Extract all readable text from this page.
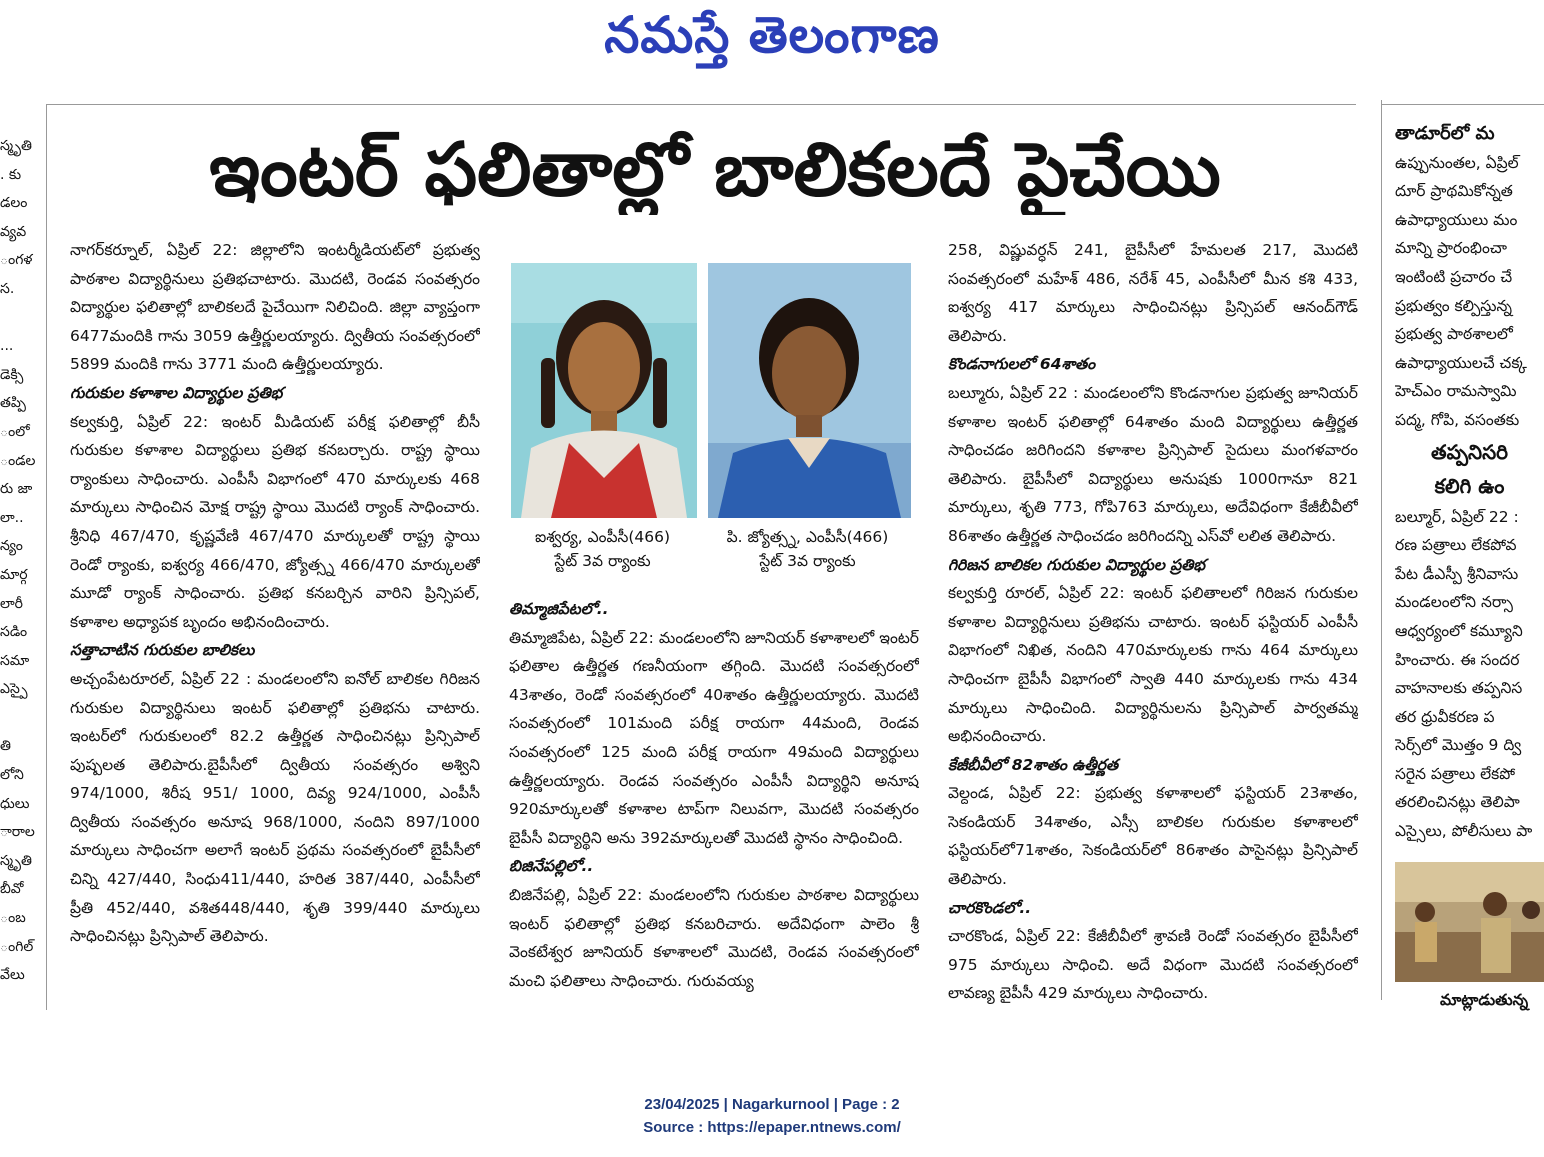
నమస్తే తెలంగాణ
ఇంటర్ ఫలితాల్లో బాలికలదే పైచేయి

స్మృతి

. కు

డలం

వ్యవ

ంగళ

స.

...

డెక్సి

తప్పి

ంలో

ండల

రు జా

లా..

న్యం

మార్గ

లారీ

సడిం

సమా

ఎస్పై

తి

లోని

ధులు

ారాల

స్మృతి

బీవో

ంబ

ంగిల్

వేలు

నాగర్‌కర్నూల్, ఏప్రిల్ 22: జిల్లాలోని ఇంటర్మీడియట్‌లో ప్రభుత్వ పాఠశాల విద్యార్థినులు ప్రతిభచాటారు. మొదటి, రెండవ సంవత్సరం విద్యార్థుల ఫలితాల్లో బాలికలదే పైచేయిగా నిలిచింది. జిల్లా వ్యాప్తంగా 6477మందికి గాను 3059 ఉత్తీర్ణులయ్యారు. ద్వితీయ సంవత్సరంలో 5899 మందికి గాను 3771 మంది ఉత్తీర్ణులయ్యారు.

గురుకుల కళాశాల విద్యార్థుల ప్రతిభ

కల్వకుర్తి, ఏప్రిల్ 22: ఇంటర్ మీడియట్ పరీక్ష ఫలితాల్లో బీసీ గురుకుల కళాశాల విద్యార్థులు ప్రతిభ కనబర్చారు. రాష్ట్ర స్థాయి ర్యాంకులు సాధించారు. ఎంపీసీ విభాగంలో 470 మార్కులకు 468 మార్కులు సాధించిన మోక్ష రాష్ట్ర స్థాయి మొదటి ర్యాంక్ సాధించారు. శ్రీనిధి 467/470, కృష్ణవేణి 467/470 మార్కులతో రాష్ట్ర స్థాయి రెండో ర్యాంకు, ఐశ్వర్య 466/470, జ్యోత్స్న 466/470 మార్కులతో మూడో ర్యాంక్ సాధించారు. ప్రతిభ కనబర్చిన వారిని ప్రిన్సిపల్, కళాశాల అధ్యాపక బృందం అభినందించారు.

సత్తాచాటిన గురుకుల బాలికలు

అచ్చంపేటరూరల్, ఏప్రిల్ 22 : మండలంలోని ఐనోల్ బాలికల గిరిజన గురుకుల విద్యార్థినులు ఇంటర్ ఫలితాల్లో ప్రతిభను చాటారు. ఇంటర్‌లో గురుకులంలో 82.2 ఉత్తీర్ణత సాధించినట్లు ప్రిన్సిపాల్ పుష్పలత తెలిపారు.బైపీసీలో ద్వితీయ సంవత్సరం అశ్విని 974/1000, శిరీష 951/ 1000, దివ్య 924/1000, ఎంపీసీ ద్వితీయ సంవత్సరం అనూష 968/1000, నందిని 897/1000 మార్కులు సాధించగా అలాగే ఇంటర్ ప్రథమ సంవత్సరంలో బైపీసీలో చిన్ని 427/440, సింధు411/440, హరిత 387/440, ఎంపీసీలో ప్రీతి 452/440, వశిత448/440, శృతి 399/440 మార్కులు సాధించినట్లు ప్రిన్సిపాల్ తెలిపారు.

ఐశ్వర్య, ఎంపీసీ(466)
స్టేట్ 3వ ర్యాంకు
పి. జ్యోత్స్న, ఎంపీసీ(466)
స్టేట్ 3వ ర్యాంకు

తిమ్మాజిపేటలో..

తిమ్మాజిపేట, ఏప్రిల్ 22: మండలంలోని జూనియర్ కళాశాలలో ఇంటర్ ఫలితాల ఉత్తీర్ణత గణనీయంగా తగ్గింది. మొదటి సంవత్సరంలో 43శాతం, రెండో సంవత్సరంలో 40శాతం ఉత్తీర్ణులయ్యారు. మొదటి సంవత్సరంలో 101మంది పరీక్ష రాయగా 44మంది, రెండవ సంవత్సరంలో 125 మంది పరీక్ష రాయగా 49మంది విద్యార్థులు ఉత్తీర్ణలయ్యారు. రెండవ సంవత్సరం ఎంపీసీ విద్యార్థిని అనూష 920మార్కులతో కళాశాల టాప్‌గా నిలువగా, మొదటి సంవత్సరం బైపీసీ విద్యార్థిని అను 392మార్కులతో మొదటి స్థానం సాధించింది.

బిజినేపల్లిలో..

బిజినేపల్లి, ఏప్రిల్ 22: మండలంలోని గురుకుల పాఠశాల విద్యార్థులు ఇంటర్ ఫలితాల్లో ప్రతిభ కనబరిచారు. అదేవిధంగా పాలెం శ్రీ వెంకటేశ్వర జూనియర్ కళాశాలలో మొదటి, రెండవ సంవత్సరంలో మంచి ఫలితాలు సాధించారు. గురువయ్య

258, విష్ణువర్ధన్ 241, బైపీసీలో హేమలత 217, మొదటి సంవత్సరంలో మహేశ్ 486, నరేశ్ 45, ఎంపీసీలో మీన కశి 433, ఐశ్వర్య 417 మార్కులు సాధించినట్లు ప్రిన్సిపల్ ఆనంద్‌గౌడ్ తెలిపారు.

కొండనాగులలో 64శాతం

బల్మూరు, ఏప్రిల్ 22 : మండలంలోని కొండనాగుల ప్రభుత్వ జూనియర్ కళాశాల ఇంటర్ ఫలితాల్లో 64శాతం మంది విద్యార్థులు ఉత్తీర్ణత సాధించడం జరిగిందని కళాశాల ప్రిన్సిపాల్ సైదులు మంగళవారం తెలిపారు. బైపీసీలో విద్యార్థులు అనుషకు 1000గానూ 821 మార్కులు, శృతి 773, గోపి763 మార్కులు, అదేవిధంగా కేజీబీవీలో 86శాతం ఉత్తీర్ణత సాధించడం జరిగిందన్ని ఎస్‌వో లలిత తెలిపారు.

గిరిజన బాలికల గురుకుల విద్యార్థుల ప్రతిభ

కల్వకుర్తి రూరల్, ఏప్రిల్ 22: ఇంటర్ ఫలితాలలో గిరిజన గురుకుల కళాశాల విద్యార్థినులు ప్రతిభను చాటారు. ఇంటర్ ఫస్టియర్ ఎంపీసీ విభాగంలో నిఖిత, నందిని 470మార్కులకు గాను 464 మార్కులు సాధించగా బైపీసీ విభాగంలో స్వాతి 440 మార్కులకు గాను 434 మార్కులు సాధించింది. విద్యార్థినులను ప్రిన్సిపాల్ పార్వతమ్మ అభినందించారు.

కేజీబీవీలో 82శాతం ఉత్తీర్ణత

వెల్దండ, ఏప్రిల్ 22: ప్రభుత్వ కళాశాలలో ఫస్టియర్ 23శాతం, సెకండియర్ 34శాతం, ఎస్సీ బాలికల గురుకుల కళాశాలలో ఫస్టియర్‌లో71శాతం, సెకండియర్‌లో 86శాతం పాసైనట్లు ప్రిన్సిపాల్ తెలిపారు.

చారకొండలో..

చారకొండ, ఏప్రిల్ 22: కేజీబీవీలో శ్రావణి రెండో సంవత్సరం బైపీసీలో 975 మార్కులు సాధించి. అదే విధంగా మొదటి సంవత్సరంలో లావణ్య బైపీసీ 429 మార్కులు సాధించారు.

తాడూర్‌లో మ

ఉప్పునుంతల, ఏప్రిల్

దూర్ ప్రాథమికోన్నత

ఉపాధ్యాయులు మం

మాన్ని ప్రారంభించా

ఇంటింటి ప్రచారం చే

ప్రభుత్వం కల్పిస్తున్న

ప్రభుత్వ పాఠశాలలో

ఉపాధ్యాయులచే చక్క

హెచ్‌ఎం రామస్వామి

పద్మ, గోపి, వసంతకు

తప్పనిసరి

కలిగి ఉం

బల్మూర్, ఏప్రిల్ 22 :

రణ పత్రాలు లేకపోవ

పేట డీఎస్పీ శ్రీనివాసు

మండలంలోని నర్సా

ఆధ్వర్యంలో కమ్యూని

హించారు. ఈ సందర

వాహనాలకు తప్పనిస

తర ధ్రువీకరణ ప

సెర్స్‌లో మొత్తం 9 ద్వి

సరైన పత్రాలు లేకపో

తరలించినట్లు తెలిపా

ఎస్సైలు, పోలీసులు పా

మాట్లాడుతున్న
23/04/2025 | Nagarkurnool | Page : 2
Source : https://epaper.ntnews.com/
